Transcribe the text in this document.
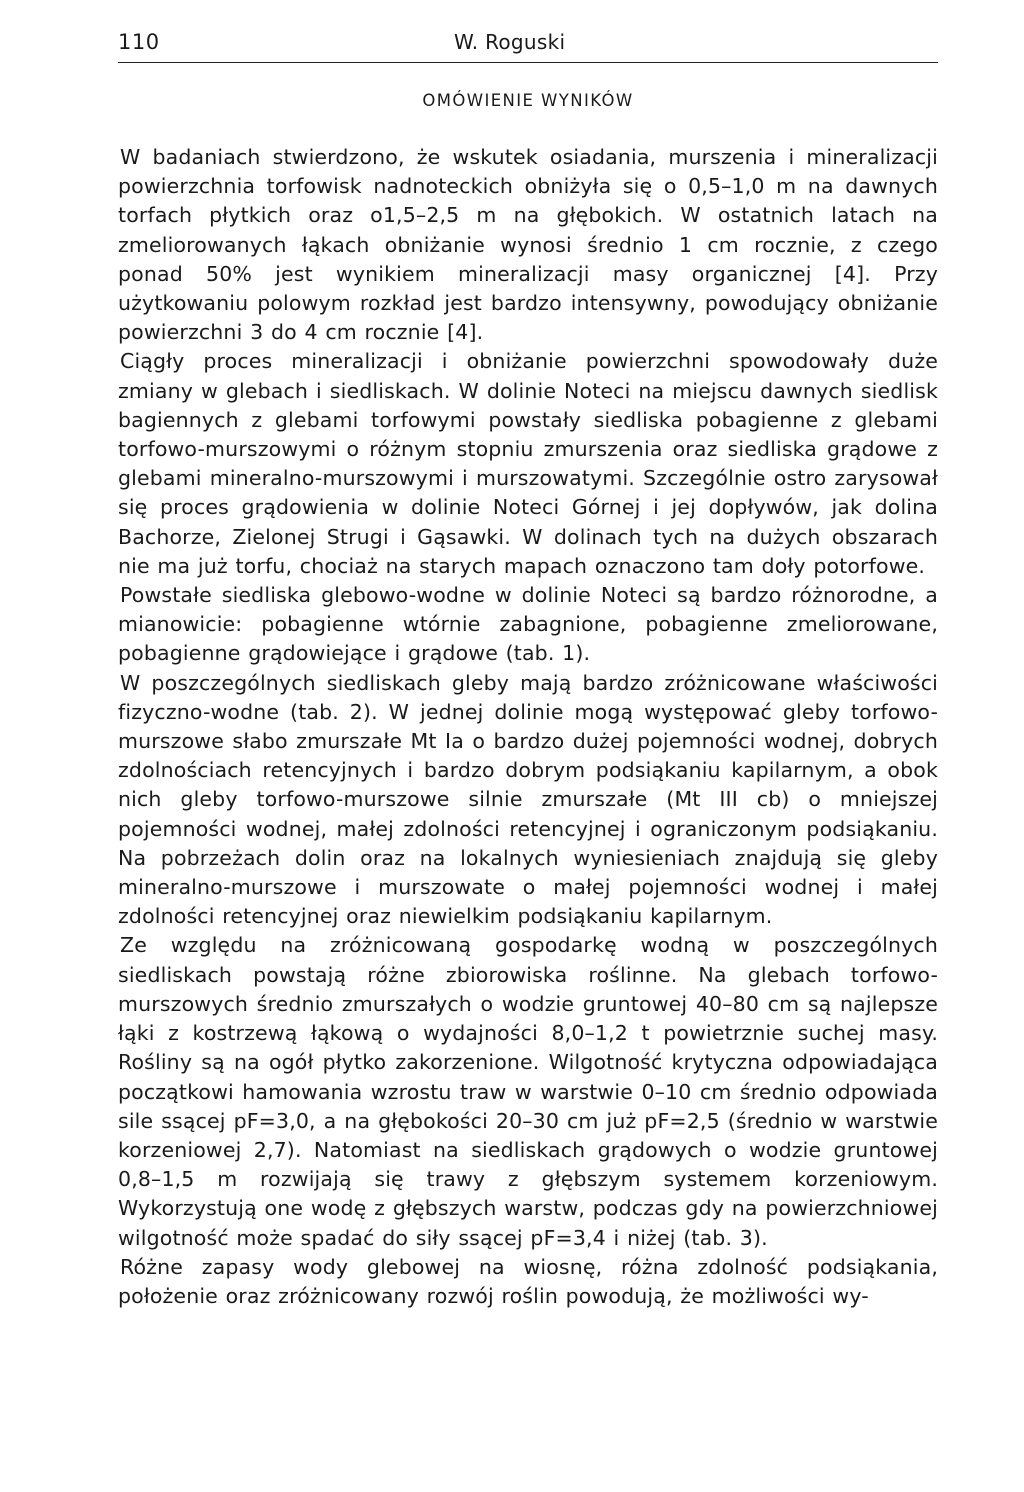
110	W. Roguski
OMÓWIENIE WYNIKÓW

W badaniach stwierdzono, że wskutek osiadania, murszenia i mineralizacji powierzchnia torfowisk nadnoteckich obniżyła się o 0,5–1,0 m na dawnych torfach płytkich oraz o1,5–2,5 m na głębokich. W ostatnich latach na zmeliorowanych łąkach obniżanie wynosi średnio 1 cm rocznie, z czego ponad 50% jest wynikiem mineralizacji masy organicznej [4]. Przy użytkowaniu polowym rozkład jest bardzo intensywny, powodujący obniżanie powierzchni 3 do 4 cm rocznie [4].

Ciągły proces mineralizacji i obniżanie powierzchni spowodowały duże zmiany w glebach i siedliskach. W dolinie Noteci na miejscu dawnych siedlisk bagiennych z glebami torfowymi powstały siedliska pobagienne z glebami torfowo-murszowymi o różnym stopniu zmurszenia oraz siedliska grądowe z glebami mineralno-murszowymi i murszowatymi. Szczególnie ostro zarysował się proces grądowienia w dolinie Noteci Górnej i jej dopływów, jak dolina Bachorze, Zielonej Strugi i Gąsawki. W dolinach tych na dużych obszarach nie ma już torfu, chociaż na starych mapach oznaczono tam doły potorfowe.

Powstałe siedliska glebowo-wodne w dolinie Noteci są bardzo różnorodne, a mianowicie: pobagienne wtórnie zabagnione, pobagienne zmeliorowane, pobagienne grądowiejące i grądowe (tab. 1).

W poszczególnych siedliskach gleby mają bardzo zróżnicowane właściwości fizyczno-wodne (tab. 2). W jednej dolinie mogą występować gleby torfowo-murszowe słabo zmurszałe Mt Ia o bardzo dużej pojemności wodnej, dobrych zdolnościach retencyjnych i bardzo dobrym podsiąkaniu kapilarnym, a obok nich gleby torfowo-murszowe silnie zmurszałe (Mt III cb) o mniejszej pojemności wodnej, małej zdolności retencyjnej i ograniczonym podsiąkaniu. Na pobrzeżach dolin oraz na lokalnych wyniesieniach znajdują się gleby mineralno-murszowe i murszowate o małej pojemności wodnej i małej zdolności retencyjnej oraz niewielkim podsiąkaniu kapilarnym.

Ze względu na zróżnicowaną gospodarkę wodną w poszczególnych siedliskach powstają różne zbiorowiska roślinne. Na glebach torfowo-murszowych średnio zmurszałych o wodzie gruntowej 40–80 cm są najlepsze łąki z kostrzewą łąkową o wydajności 8,0–1,2 t powietrznie suchej masy. Rośliny są na ogół płytko zakorzenione. Wilgotność krytyczna odpowiadająca początkowi hamowania wzrostu traw w warstwie 0–10 cm średnio odpowiada sile ssącej pF=3,0, a na głębokości 20–30 cm już pF=2,5 (średnio w warstwie korzeniowej 2,7). Natomiast na siedliskach grądowych o wodzie gruntowej 0,8–1,5 m rozwijają się trawy z głębszym systemem korzeniowym. Wykorzystują one wodę z głębszych warstw, podczas gdy na powierzchniowej wilgotność może spadać do siły ssącej pF=3,4 i niżej (tab. 3).

Różne zapasy wody glebowej na wiosnę, różna zdolność podsiąkania, położenie oraz zróżnicowany rozwój roślin powodują, że możliwości wy-
